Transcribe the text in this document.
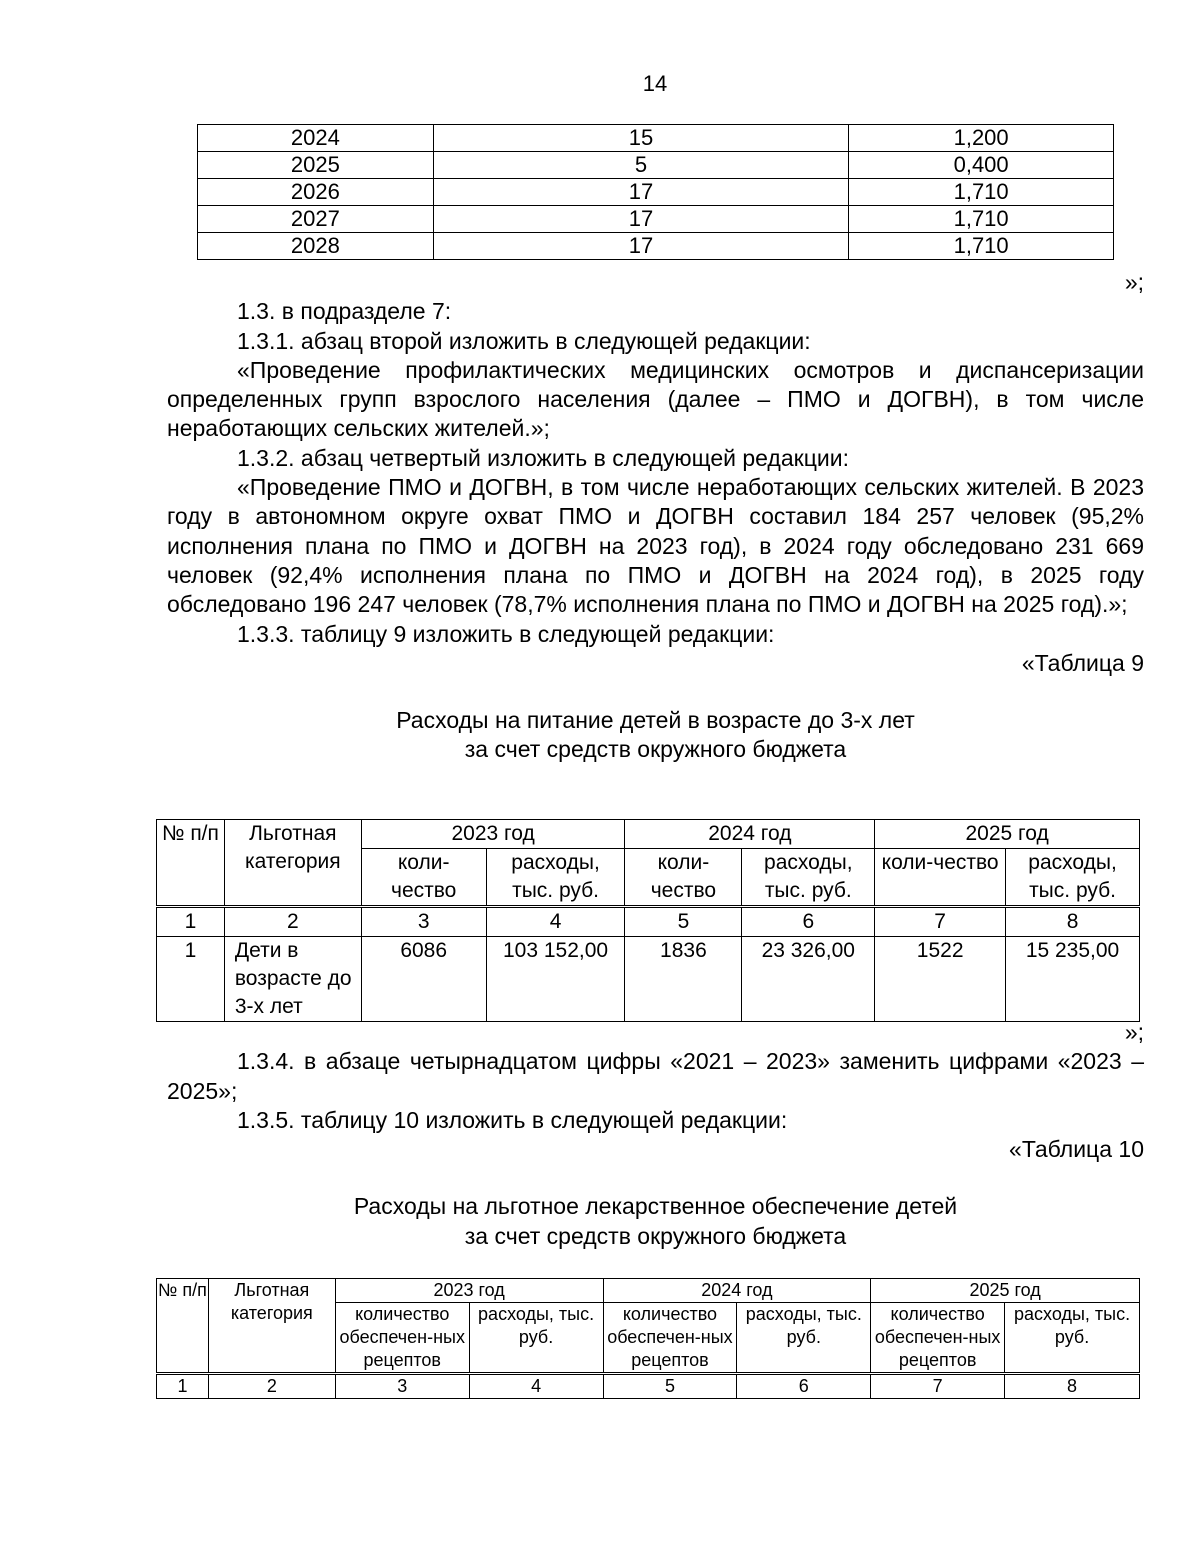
14
2024	15	1,200
2025	5	0,400
2026	17	1,710
2027	17	1,710
2028	17	1,710

»;

1.3. в подразделе 7:

1.3.1. абзац второй изложить в следующей редакции:

«Проведение профилактических медицинских осмотров и диспансеризации определенных групп взрослого населения (далее – ПМО и ДОГВН), в том числе неработающих сельских жителей.»;

1.3.2. абзац четвертый изложить в следующей редакции:

«Проведение ПМО и ДОГВН, в том числе неработающих сельских жителей. В 2023 году в автономном округе охват ПМО и ДОГВН составил 184 257 человек (95,2% исполнения плана по ПМО и ДОГВН на 2023 год), в 2024 году обследовано 231 669 человек (92,4% исполнения плана по ПМО и ДОГВН на 2024 год), в 2025 году обследовано 196 247 человек (78,7% исполнения плана по ПМО и ДОГВН на 2025 год).»;

1.3.3. таблицу 9 изложить в следующей редакции:

«Таблица 9

Расходы на питание детей в возрасте до 3-х лет

за счет средств окружного бюджета

№ п/п	Льготная категория	2023 год		2024 год		2025 год	
		коли-чество	расходы, тыс. руб.	коли-чество	расходы, тыс. руб.	коли-чество	расходы, тыс. руб.
1	2	3	4	5	6	7	8
1	Дети в возрасте до 3-х лет	6086	103 152,00	1836	23 326,00	1522	15 235,00

»;

1.3.4. в абзаце четырнадцатом цифры «2021 – 2023» заменить цифрами «2023 – 2025»;

1.3.5. таблицу 10 изложить в следующей редакции:

«Таблица 10

Расходы на льготное лекарственное обеспечение детей

за счет средств окружного бюджета

№ п/п	Льготная категория	2023 год		2024 год		2025 год	
		количество обеспечен-ных рецептов	расходы, тыс. руб.	количество обеспечен-ных рецептов	расходы, тыс. руб.	количество обеспечен-ных рецептов	расходы, тыс. руб.
1	2	3	4	5	6	7	8
